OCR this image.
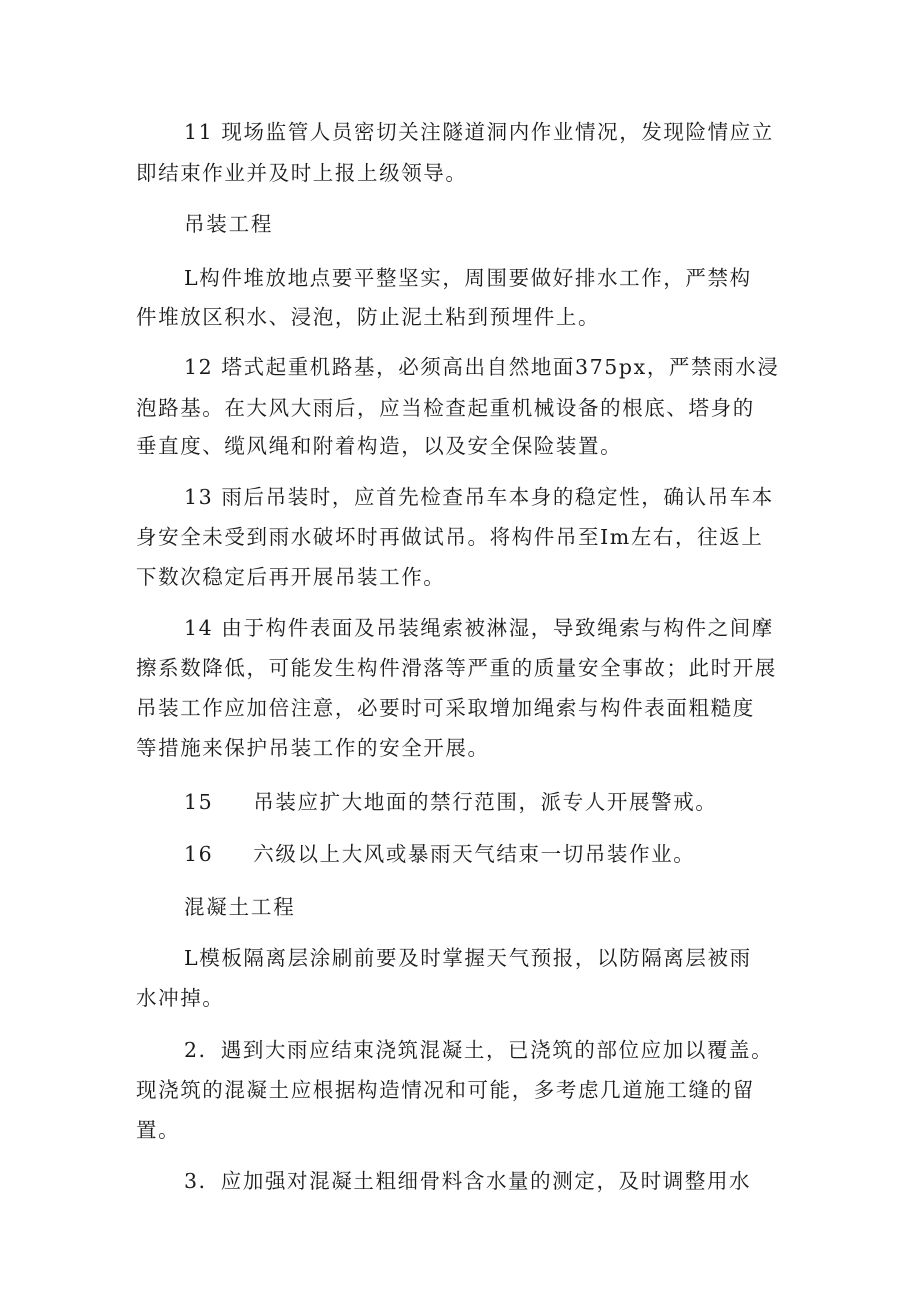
11 现场监管人员密切关注隧道洞内作业情况，发现险情应立
即结束作业并及时上报上级领导。
吊装工程
L构件堆放地点要平整坚实，周围要做好排水工作，严禁构
件堆放区积水、浸泡，防止泥土粘到预埋件上。
12 塔式起重机路基，必须高出自然地面375px，严禁雨水浸
泡路基。在大风大雨后，应当检查起重机械设备的根底、塔身的
垂直度、缆风绳和附着构造，以及安全保险装置。
13 雨后吊装时，应首先检查吊车本身的稳定性，确认吊车本
身安全未受到雨水破坏时再做试吊。将构件吊至Im左右，往返上
下数次稳定后再开展吊装工作。
14 由于构件表面及吊装绳索被淋湿，导致绳索与构件之间摩
擦系数降低，可能发生构件滑落等严重的质量安全事故；此时开展
吊装工作应加倍注意，必要时可采取增加绳索与构件表面粗糙度
等措施来保护吊装工作的安全开展。
15 吊装应扩大地面的禁行范围，派专人开展警戒。
16 六级以上大风或暴雨天气结束一切吊装作业。
混凝土工程
L模板隔离层涂刷前要及时掌握天气预报，以防隔离层被雨
水冲掉。
2．遇到大雨应结束浇筑混凝土，已浇筑的部位应加以覆盖。
现浇筑的混凝土应根据构造情况和可能，多考虑几道施工缝的留
置。
3．应加强对混凝土粗细骨料含水量的测定，及时调整用水
